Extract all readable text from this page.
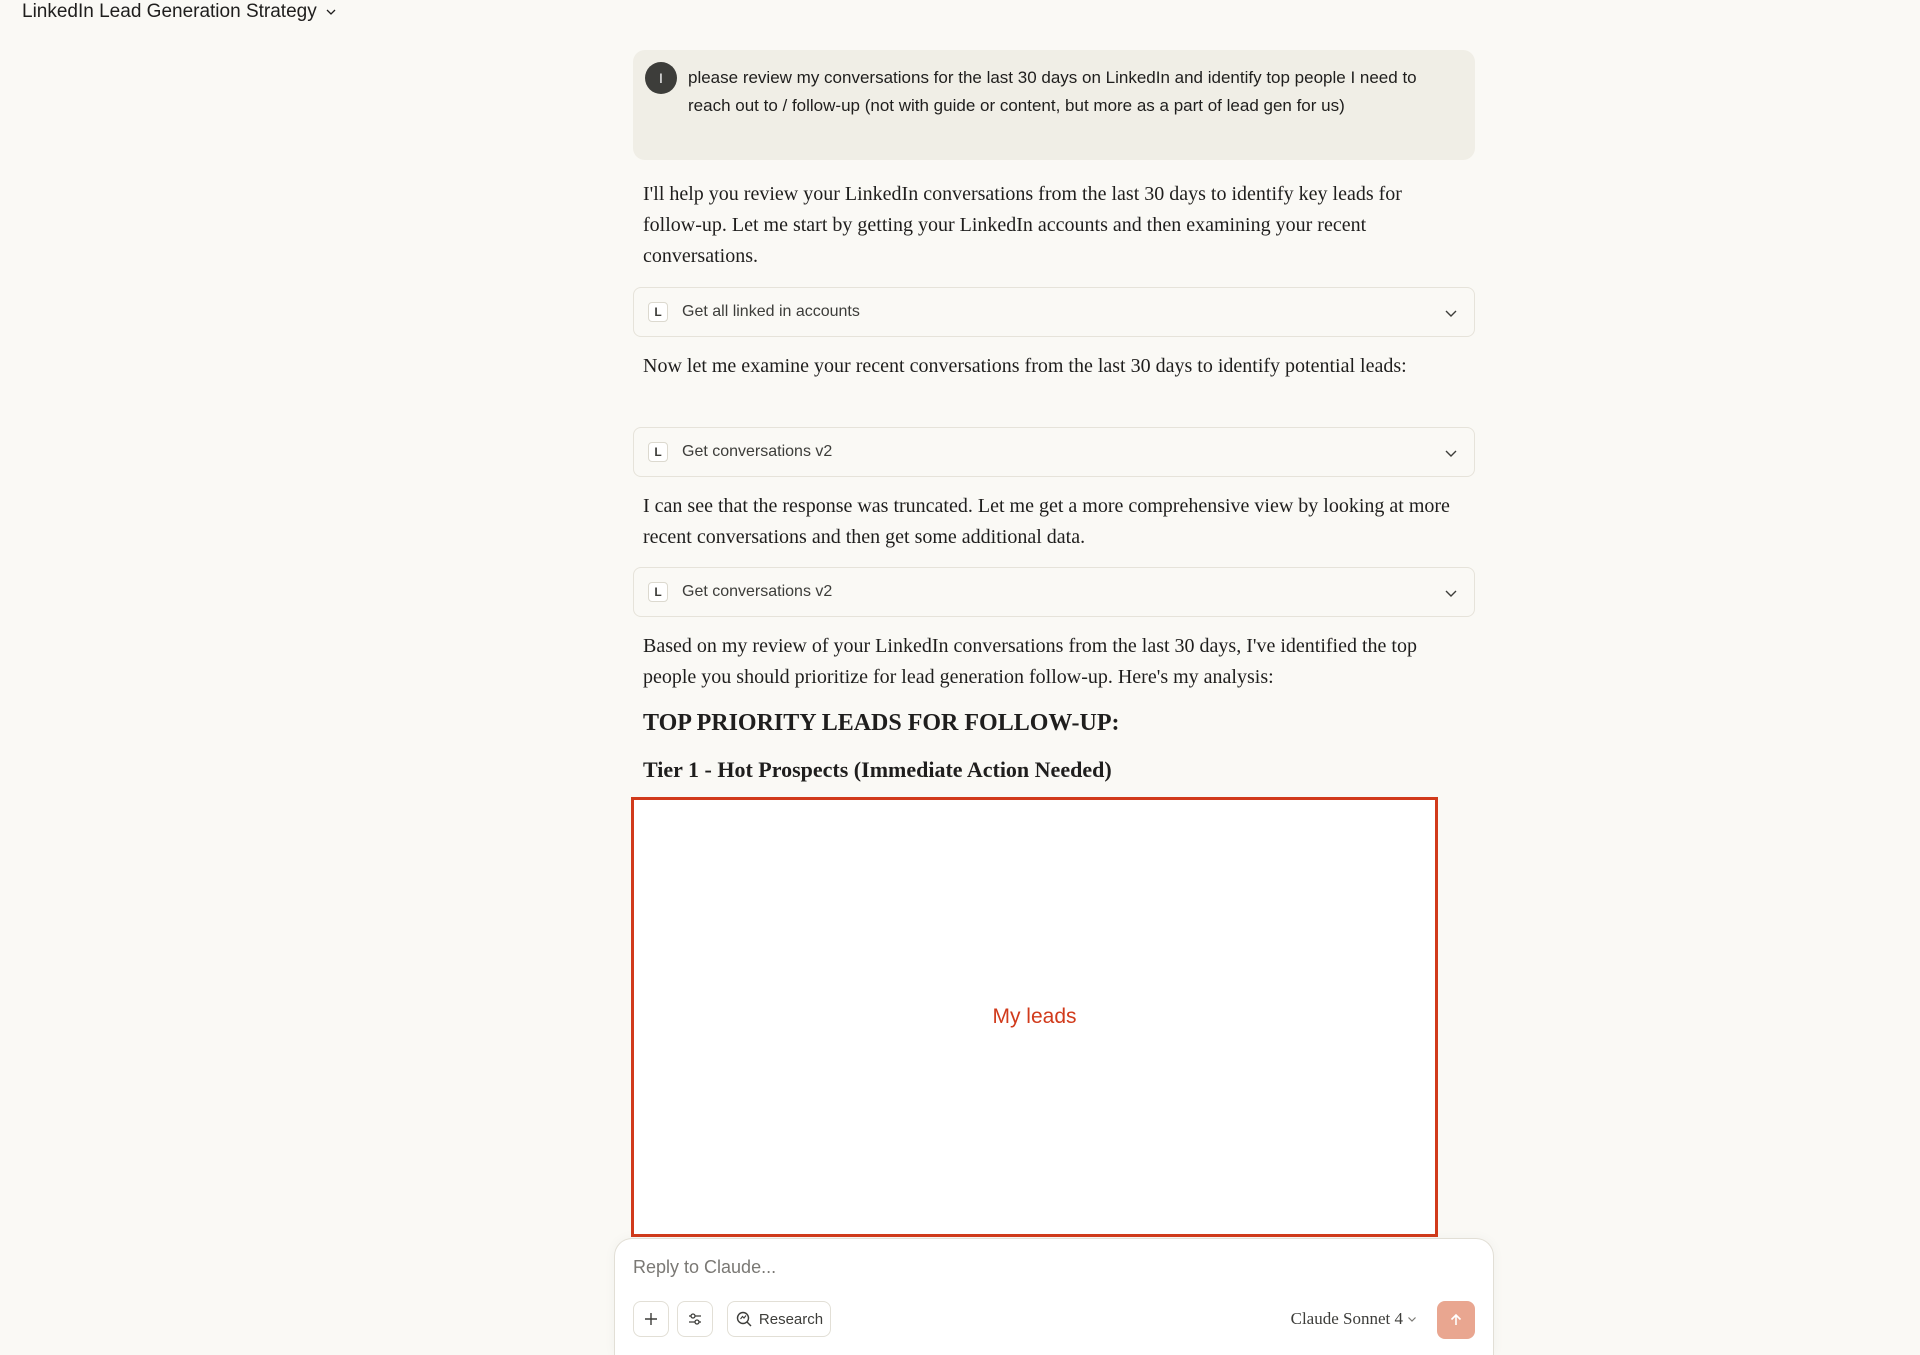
LinkedIn Lead Generation Strategy
I	please review my conversations for the last 30 days on LinkedIn and identify top people I need to reach out to / follow-up (not with guide or content, but more as a part of lead gen for us)
I'll help you review your LinkedIn conversations from the last 30 days to identify key leads for follow-up. Let me start by getting your LinkedIn accounts and then examining your recent conversations.
L	Get all linked in accounts
Now let me examine your recent conversations from the last 30 days to identify potential leads:
L	Get conversations v2
I can see that the response was truncated. Let me get a more comprehensive view by looking at more recent conversations and then get some additional data.
L	Get conversations v2
Based on my review of your LinkedIn conversations from the last 30 days, I've identified the top people you should prioritize for lead generation follow-up. Here's my analysis:
TOP PRIORITY LEADS FOR FOLLOW-UP:
Tier 1 - Hot Prospects (Immediate Action Needed)
My leads
Reply to Claude...
Research	Claude Sonnet 4
